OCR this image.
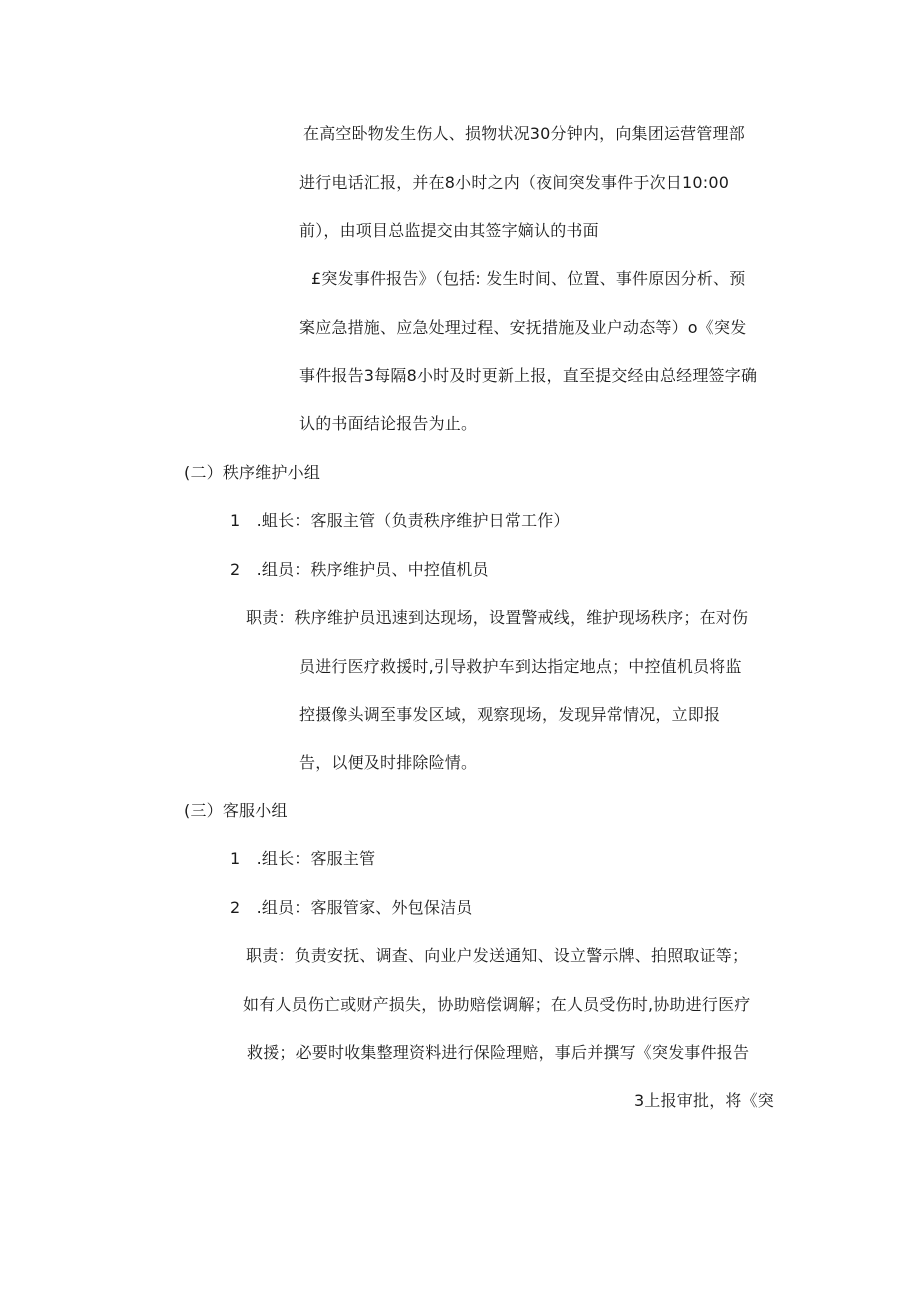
在高空卧物发生伤人、损物状况30分钟内，向集团运营管理部
进行电话汇报，并在8小时之内（夜间突发事件于次日10:00
前），由项目总监提交由其签字嫡认的书面
£突发事件报告》（包括: 发生时间、位置、事件原因分析、预
案应急措施、应急处理过程、安抚措施及业户动态等）o《突发
事件报告3每隔8小时及时更新上报，直至提交经由总经理签字确
认的书面结论报告为止。
(二）秩序维护小组
1　.蛆长：客服主管（负责秩序维护日常工作）
2　.组员：秩序维护员、中控值机员
职责：秩序维护员迅速到达现场，设置警戒线，维护现场秩序；在对伤
员进行医疗救援时,引导救护车到达指定地点；中控值机员将监
控摄像头调至事发区域，观察现场，发现异常情况，立即报
告，以便及时排除险情。
(三）客服小组
1　.组长：客服主管
2　.组员：客服管家、外包保洁员
职责：负责安抚、调查、向业户发送通知、设立警示牌、拍照取证等；
如有人员伤亡或财产损失，协助赔偿调解；在人员受伤时,协助进行医疗
救援；必要时收集整理资料进行保险理赔，事后并撰写《突发事件报告
3上报审批，将《突
